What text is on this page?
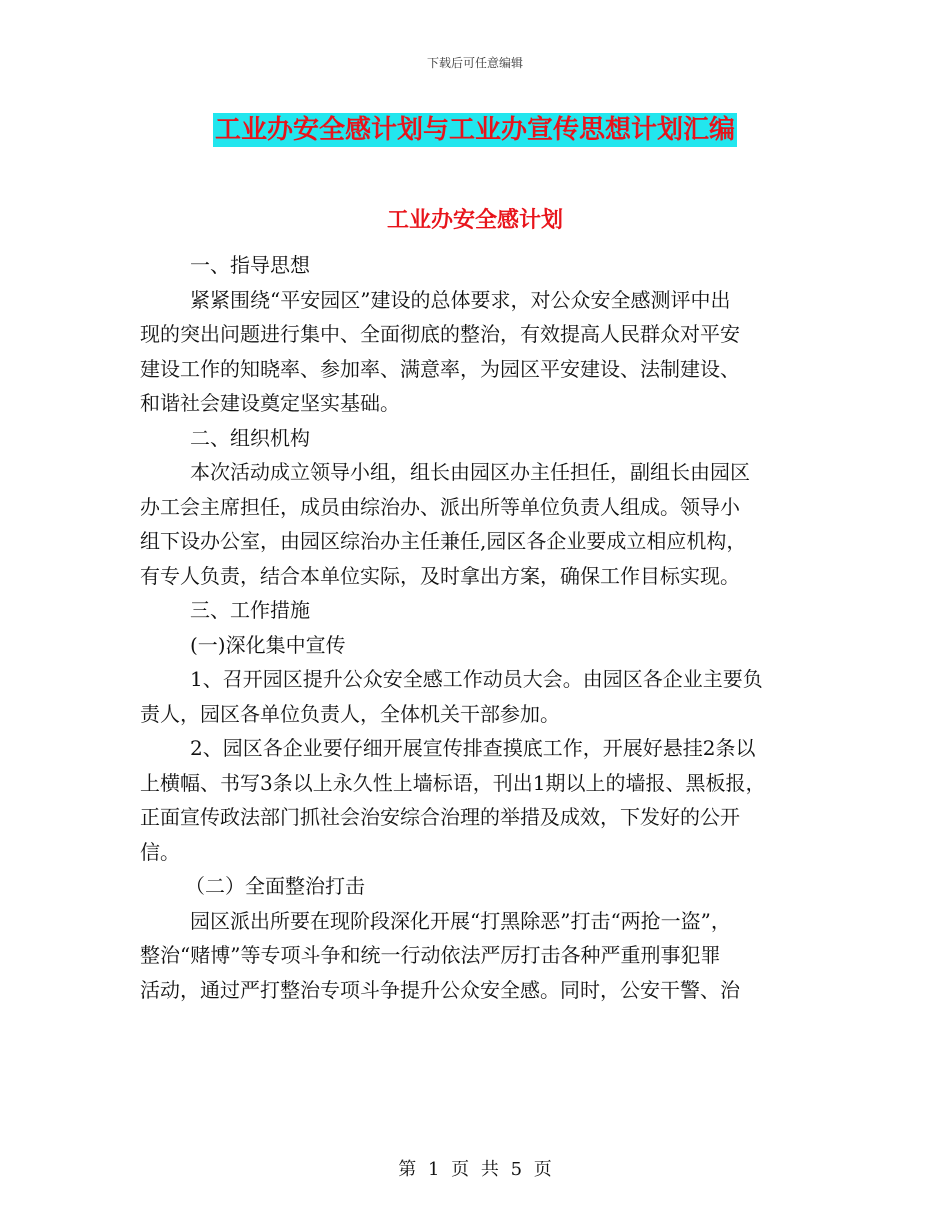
下载后可任意编辑
工业办安全感计划与工业办宣传思想计划汇编
工业办安全感计划

一、指导思想

紧紧围绕“平安园区”建设的总体要求，对公众安全感测评中出

现的突出问题进行集中、全面彻底的整治，有效提高人民群众对平安

建设工作的知晓率、参加率、满意率，为园区平安建设、法制建设、

和谐社会建设奠定坚实基础。

二、组织机构

本次活动成立领导小组，组长由园区办主任担任，副组长由园区

办工会主席担任，成员由综治办、派出所等单位负责人组成。领导小

组下设办公室，由园区综治办主任兼任,园区各企业要成立相应机构，

有专人负责，结合本单位实际，及时拿出方案，确保工作目标实现。

三、工作措施

(一)深化集中宣传

1、召开园区提升公众安全感工作动员大会。由园区各企业主要负

责人，园区各单位负责人，全体机关干部参加。

2、园区各企业要仔细开展宣传排查摸底工作，开展好悬挂2条以

上横幅、书写3条以上永久性上墙标语，刊出1期以上的墙报、黑板报，

正面宣传政法部门抓社会治安综合治理的举措及成效，下发好的公开

信。

（二）全面整治打击

园区派出所要在现阶段深化开展“打黑除恶”打击“两抢一盗”，

整治“赌博”等专项斗争和统一行动依法严厉打击各种严重刑事犯罪

活动，通过严打整治专项斗争提升公众安全感。同时，公安干警、治

第 1 页 共 5 页
